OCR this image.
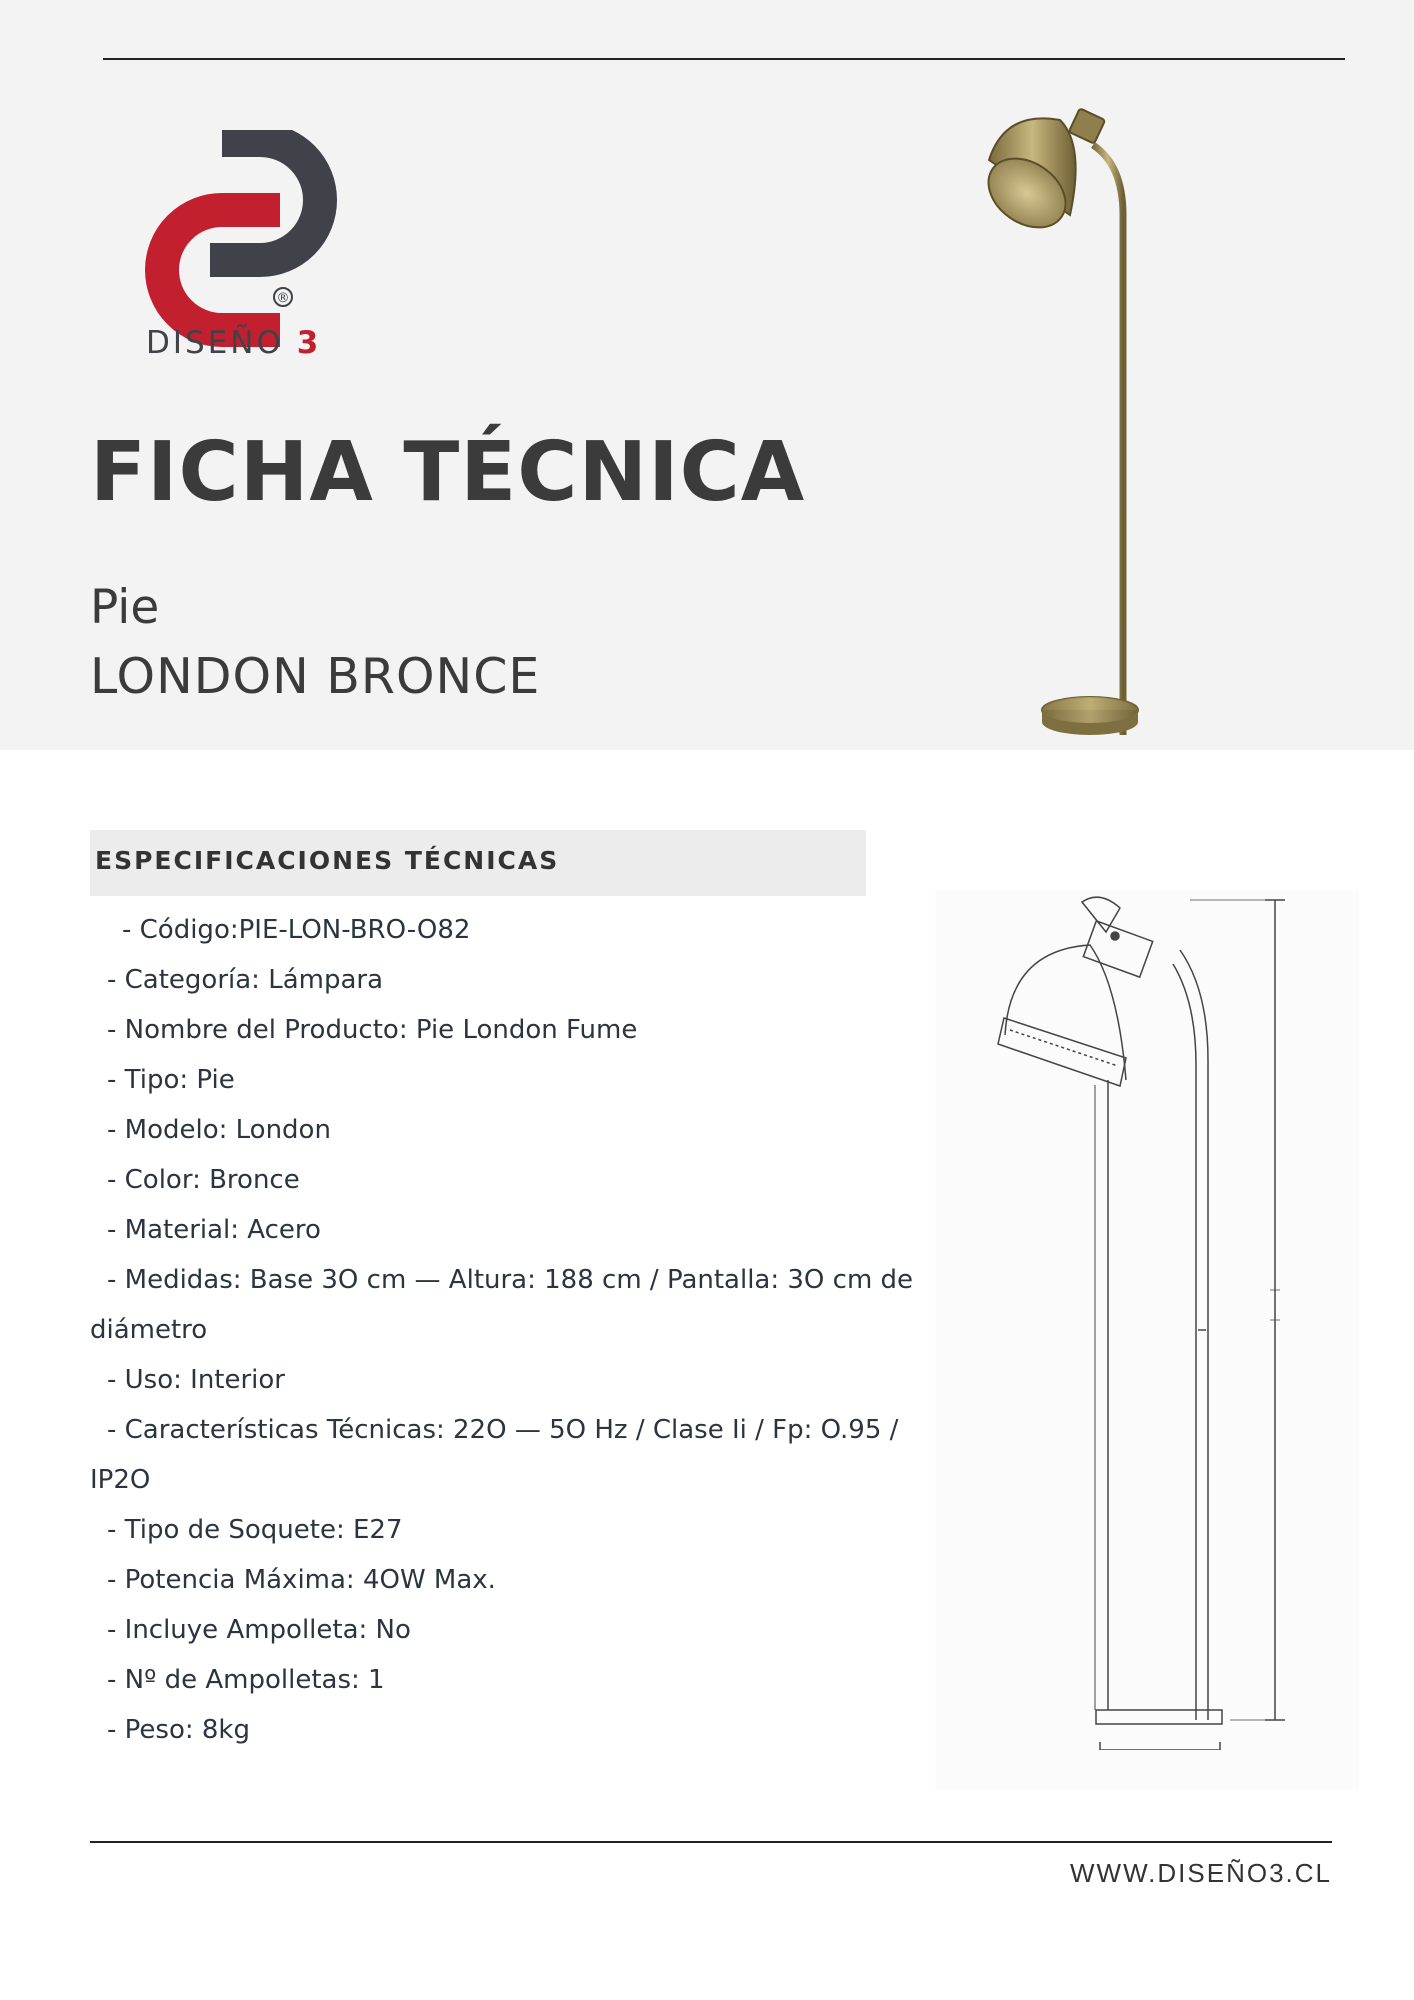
®
DISEÑO 3
FICHA TÉCNICA
Pie
LONDON BRONCE
ESPECIFICACIONES TÉCNICAS
- Código:PIE-LON-BRO-O82
- Categoría: Lámpara
- Nombre del Producto: Pie London Fume
- Tipo: Pie
- Modelo: London
- Color: Bronce
- Material: Acero
- Medidas: Base 3O cm — Altura: 188 cm / Pantalla: 3O cm de
diámetro
- Uso: Interior
- Características Técnicas: 22O — 5O Hz / Clase Ii / Fp: O.95 /
IP2O
- Tipo de Soquete: E27
- Potencia Máxima: 4OW Max.
- Incluye Ampolleta: No
- Nº de Ampolletas: 1
- Peso: 8kg
WWW.DISEÑO3.CL
